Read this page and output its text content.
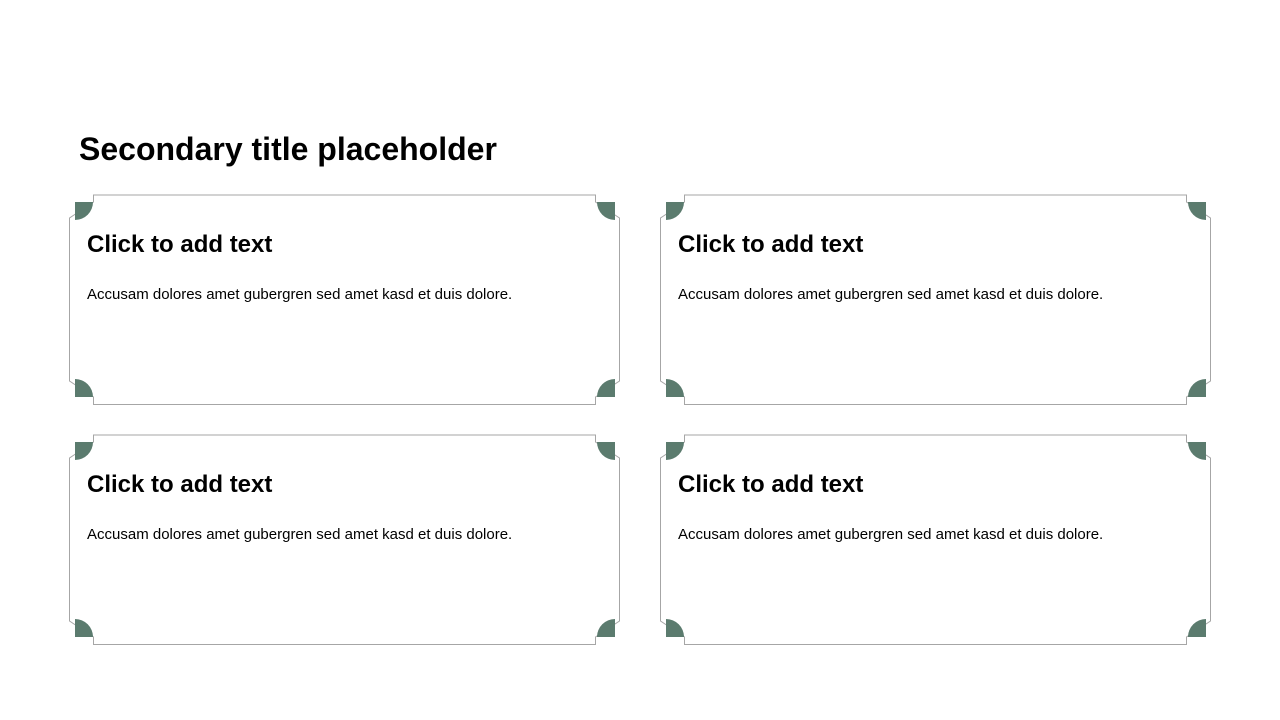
Secondary title placeholder
Click to add text

Accusam dolores amet gubergren sed amet kasd et duis dolore.

Click to add text

Accusam dolores amet gubergren sed amet kasd et duis dolore.

Click to add text

Accusam dolores amet gubergren sed amet kasd et duis dolore.

Click to add text

Accusam dolores amet gubergren sed amet kasd et duis dolore.
